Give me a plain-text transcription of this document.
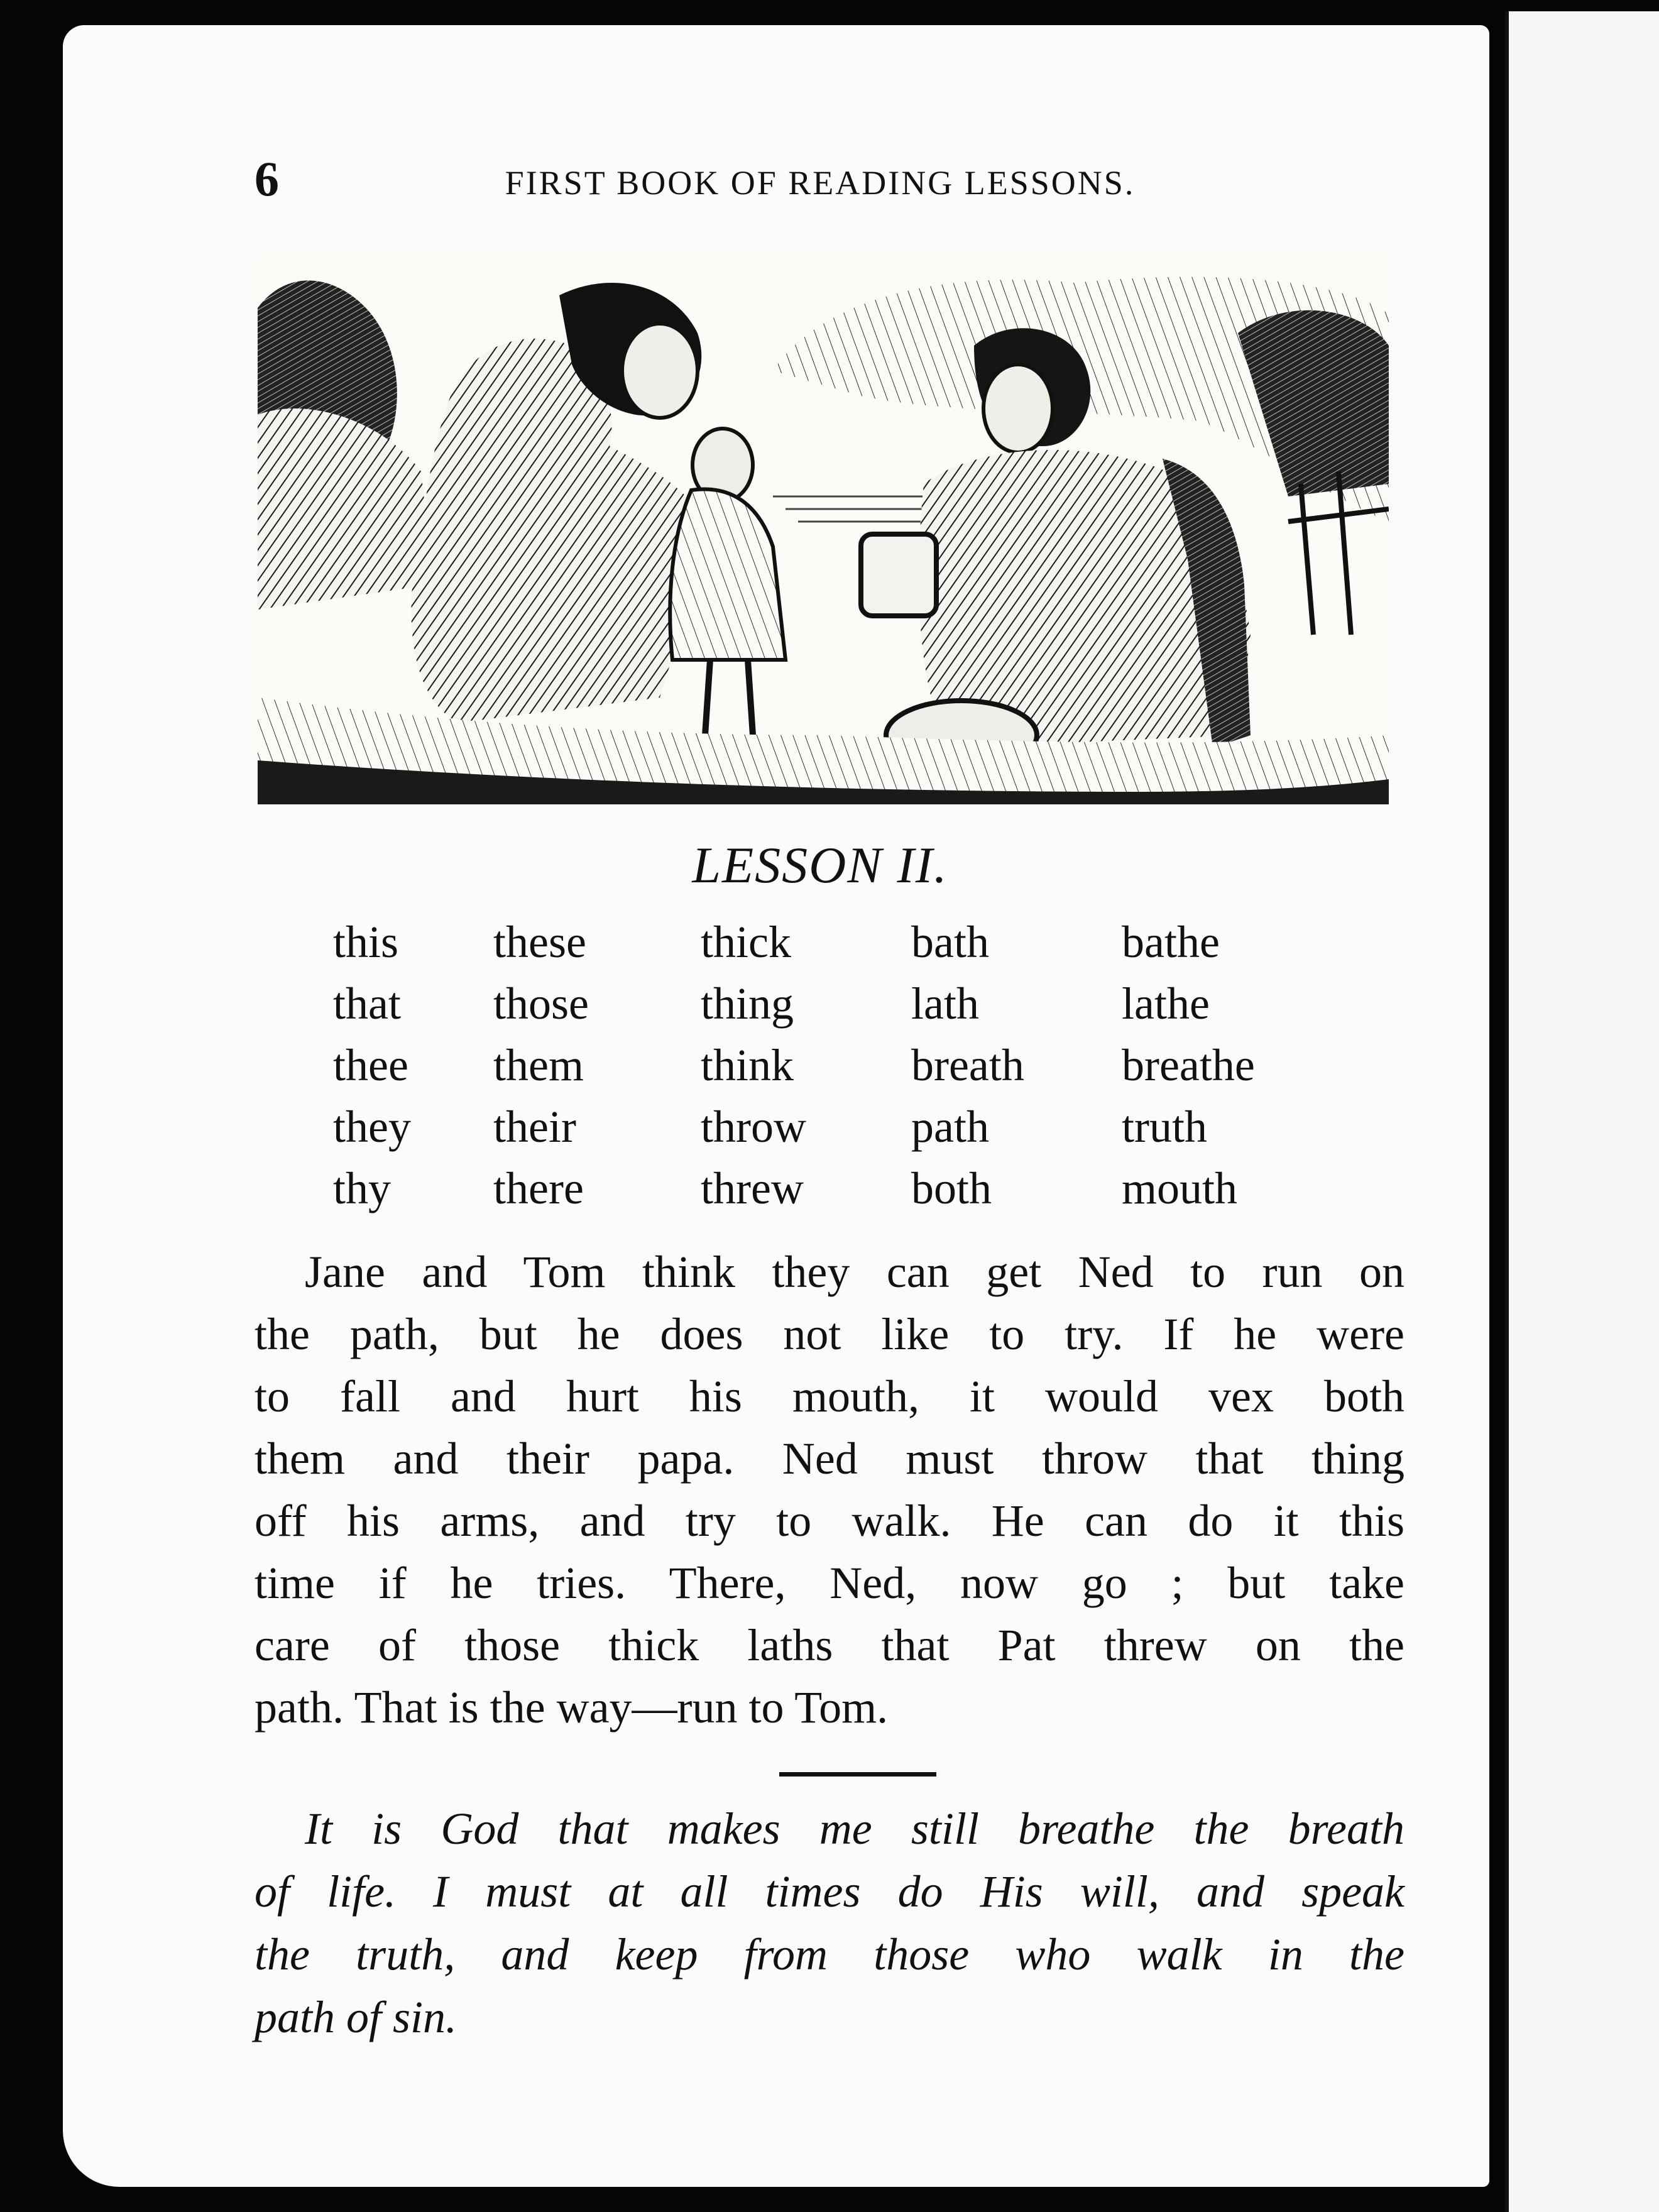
6	FIRST BOOK OF READING LESSONS.
LESSON II.
this
that
thee
they
thy
these
those
them
their
there
thick
thing
think
throw
threw
bath
lath
breath
path
both
bathe
lathe
breathe
truth
mouth
Jane and Tom think they can get Ned to run on
the path, but he does not like to try. If he were
to fall and hurt his mouth, it would vex both
them and their papa. Ned must throw that thing
off his arms, and try to walk. He can do it this
time if he tries. There, Ned, now go ; but take
care of those thick laths that Pat threw on the
path. That is the way—run to Tom.
It is God that makes me still breathe the breath
of life. I must at all times do His will, and speak
the truth, and keep from those who walk in the
path of sin.
